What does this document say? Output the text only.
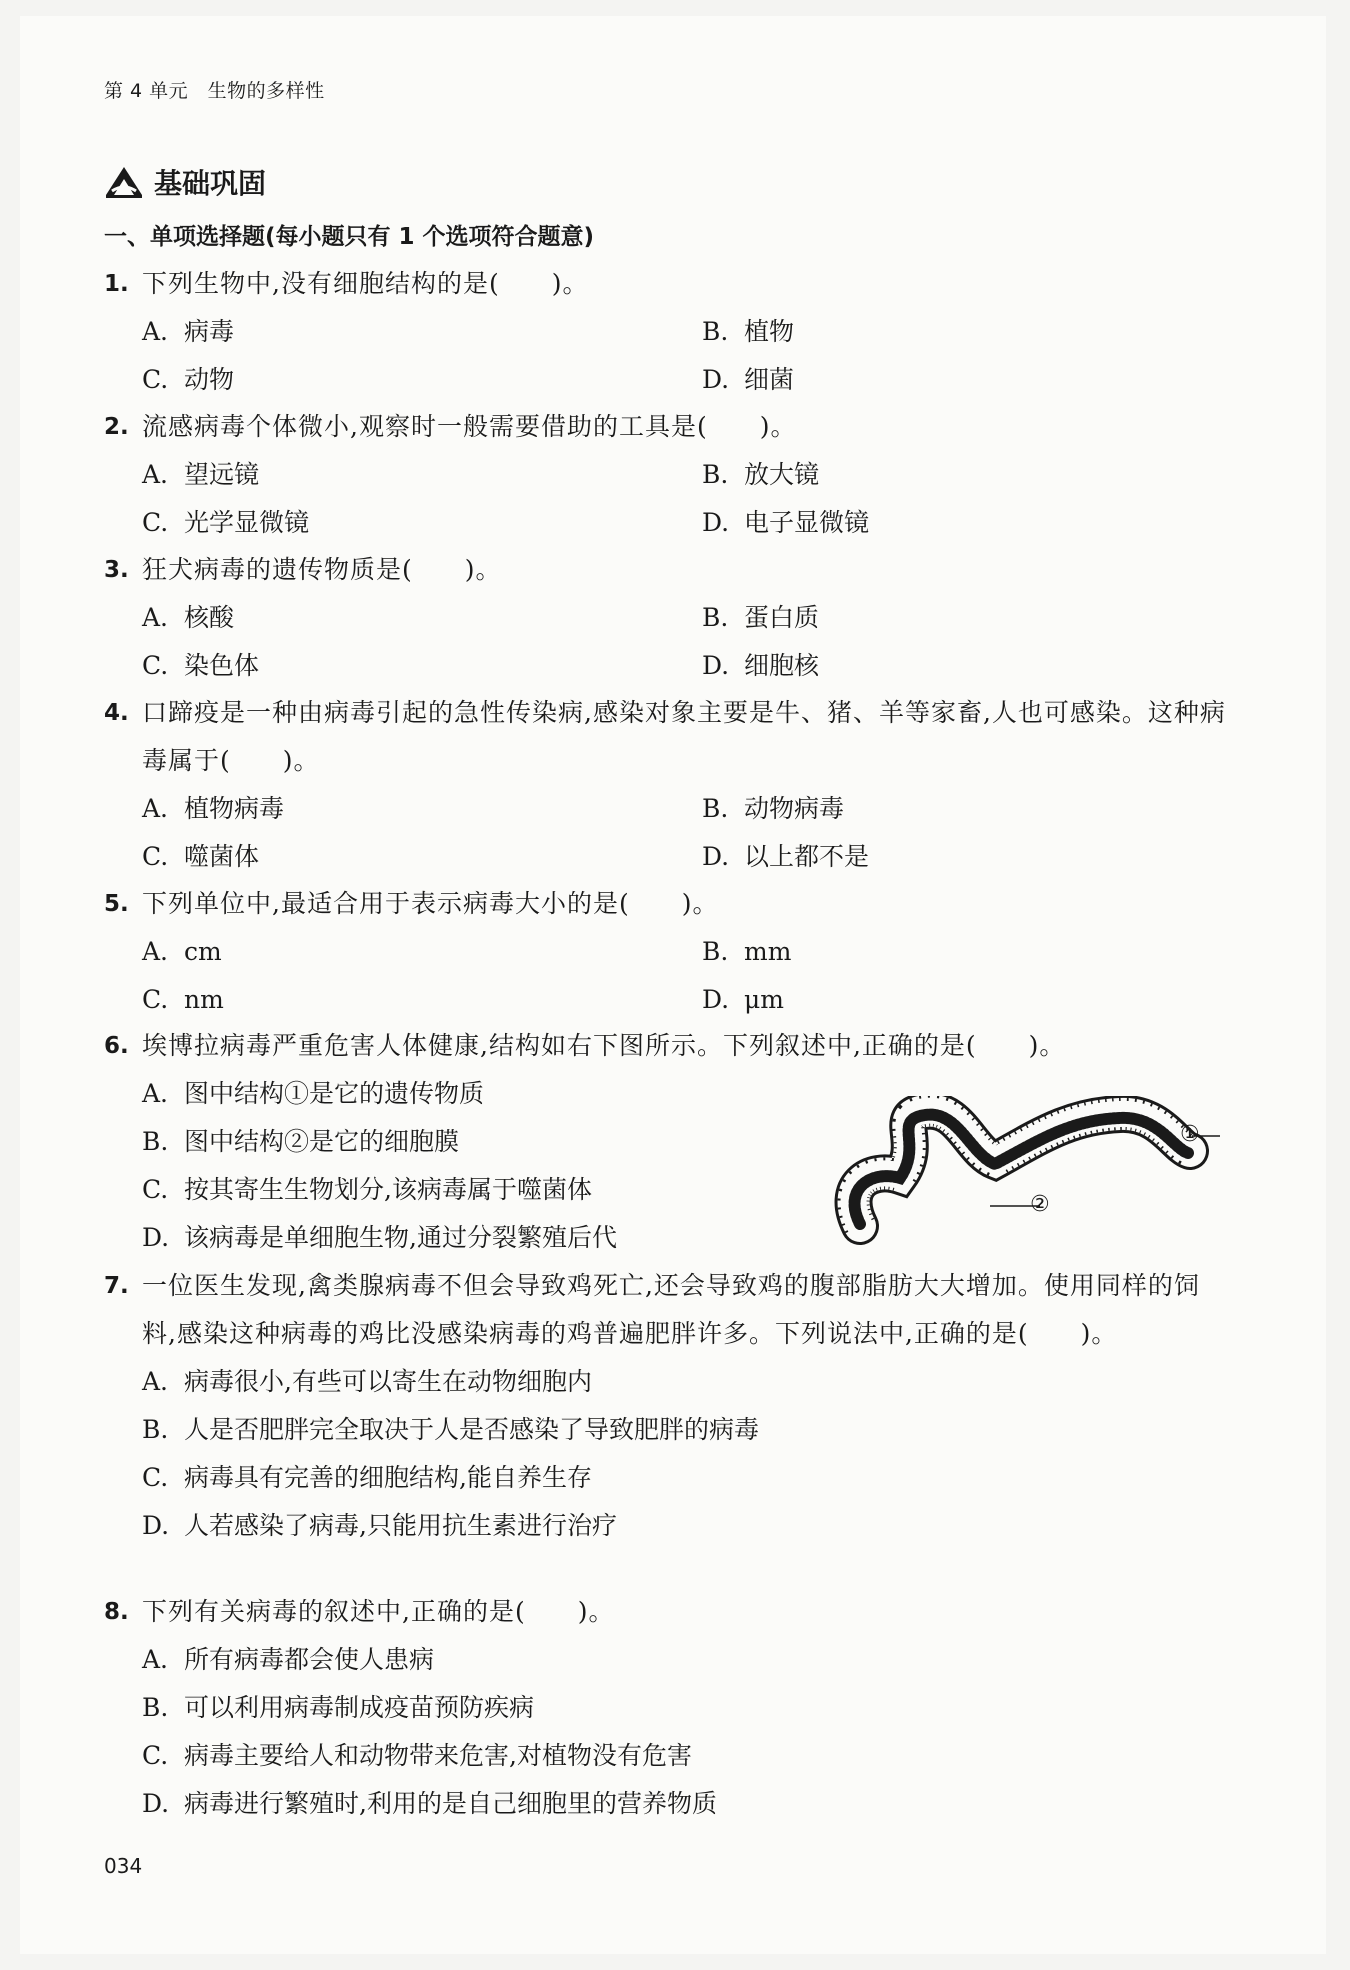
第 4 单元　生物的多样性
基础巩固
一、单项选择题(每小题只有 1 个选项符合题意)
1. 下列生物中,没有细胞结构的是(　　)。
A. 病毒	B. 植物
C. 动物	D. 细菌
2. 流感病毒个体微小,观察时一般需要借助的工具是(　　)。
A. 望远镜	B. 放大镜
C. 光学显微镜	D. 电子显微镜
3. 狂犬病毒的遗传物质是(　　)。
A. 核酸	B. 蛋白质
C. 染色体	D. 细胞核
4. 口蹄疫是一种由病毒引起的急性传染病,感染对象主要是牛、猪、羊等家畜,人也可感染。这种病毒属于(　　)。
A. 植物病毒	B. 动物病毒
C. 噬菌体	D. 以上都不是
5. 下列单位中,最适合用于表示病毒大小的是(　　)。
A. cm	B. mm
C. nm	D. μm
6. 埃博拉病毒严重危害人体健康,结构如右下图所示。下列叙述中,正确的是(　　)。
A. 图中结构①是它的遗传物质
B. 图中结构②是它的细胞膜
C. 按其寄生生物划分,该病毒属于噬菌体
D. 该病毒是单细胞生物,通过分裂繁殖后代
①
②
7. 一位医生发现,禽类腺病毒不但会导致鸡死亡,还会导致鸡的腹部脂肪大大增加。使用同样的饲料,感染这种病毒的鸡比没感染病毒的鸡普遍肥胖许多。下列说法中,正确的是(　　)。
A. 病毒很小,有些可以寄生在动物细胞内
B. 人是否肥胖完全取决于人是否感染了导致肥胖的病毒
C. 病毒具有完善的细胞结构,能自养生存
D. 人若感染了病毒,只能用抗生素进行治疗
8. 下列有关病毒的叙述中,正确的是(　　)。
A. 所有病毒都会使人患病
B. 可以利用病毒制成疫苗预防疾病
C. 病毒主要给人和动物带来危害,对植物没有危害
D. 病毒进行繁殖时,利用的是自己细胞里的营养物质
034
